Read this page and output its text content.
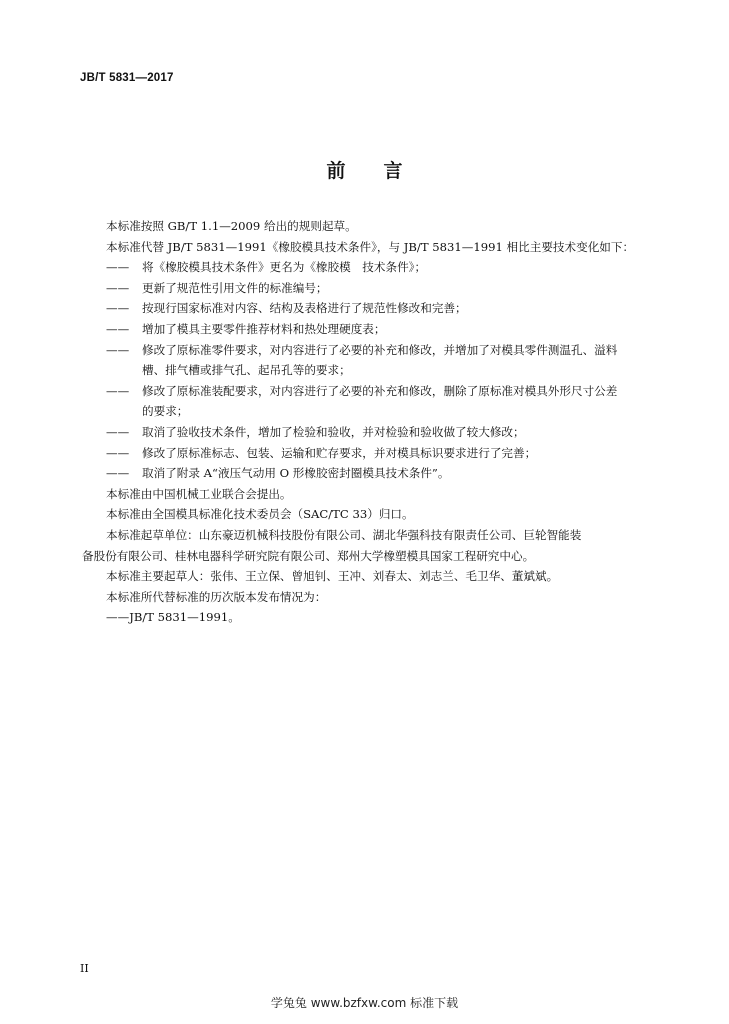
JB/T 5831—2017
前 言

本标准按照 GB/T 1.1—2009 给出的规则起草。

本标准代替 JB/T 5831—1991《橡胶模具技术条件》，与 JB/T 5831—1991 相比主要技术变化如下：

——	将《橡胶模具技术条件》更名为《橡胶模　技术条件》；
——	更新了规范性引用文件的标准编号；
——	按现行国家标准对内容、结构及表格进行了规范性修改和完善；
——	增加了模具主要零件推荐材料和热处理硬度表；
—— 修改了原标准零件要求，对内容进行了必要的补充和修改，并增加了对模具零件测温孔、溢料
槽、排气槽或排气孔、起吊孔等的要求；
—— 修改了原标准装配要求，对内容进行了必要的补充和修改，删除了原标准对模具外形尺寸公差
的要求；
——	取消了验收技术条件，增加了检验和验收，并对检验和验收做了较大修改；
——	修改了原标准标志、包装、运输和贮存要求，并对模具标识要求进行了完善；
——	取消了附录 A“液压气动用 O 形橡胶密封圈模具技术条件”。

本标准由中国机械工业联合会提出。

本标准由全国模具标准化技术委员会（SAC/TC 33）归口。

本标准起草单位：山东豪迈机械科技股份有限公司、湖北华强科技有限责任公司、巨轮智能装

备股份有限公司、桂林电器科学研究院有限公司、郑州大学橡塑模具国家工程研究中心。

本标准主要起草人：张伟、王立保、曾旭钊、王冲、刘春太、刘志兰、毛卫华、董斌斌。

本标准所代替标准的历次版本发布情况为：

——JB/T 5831—1991。

II
学兔兔 www.bzfxw.com 标准下载
